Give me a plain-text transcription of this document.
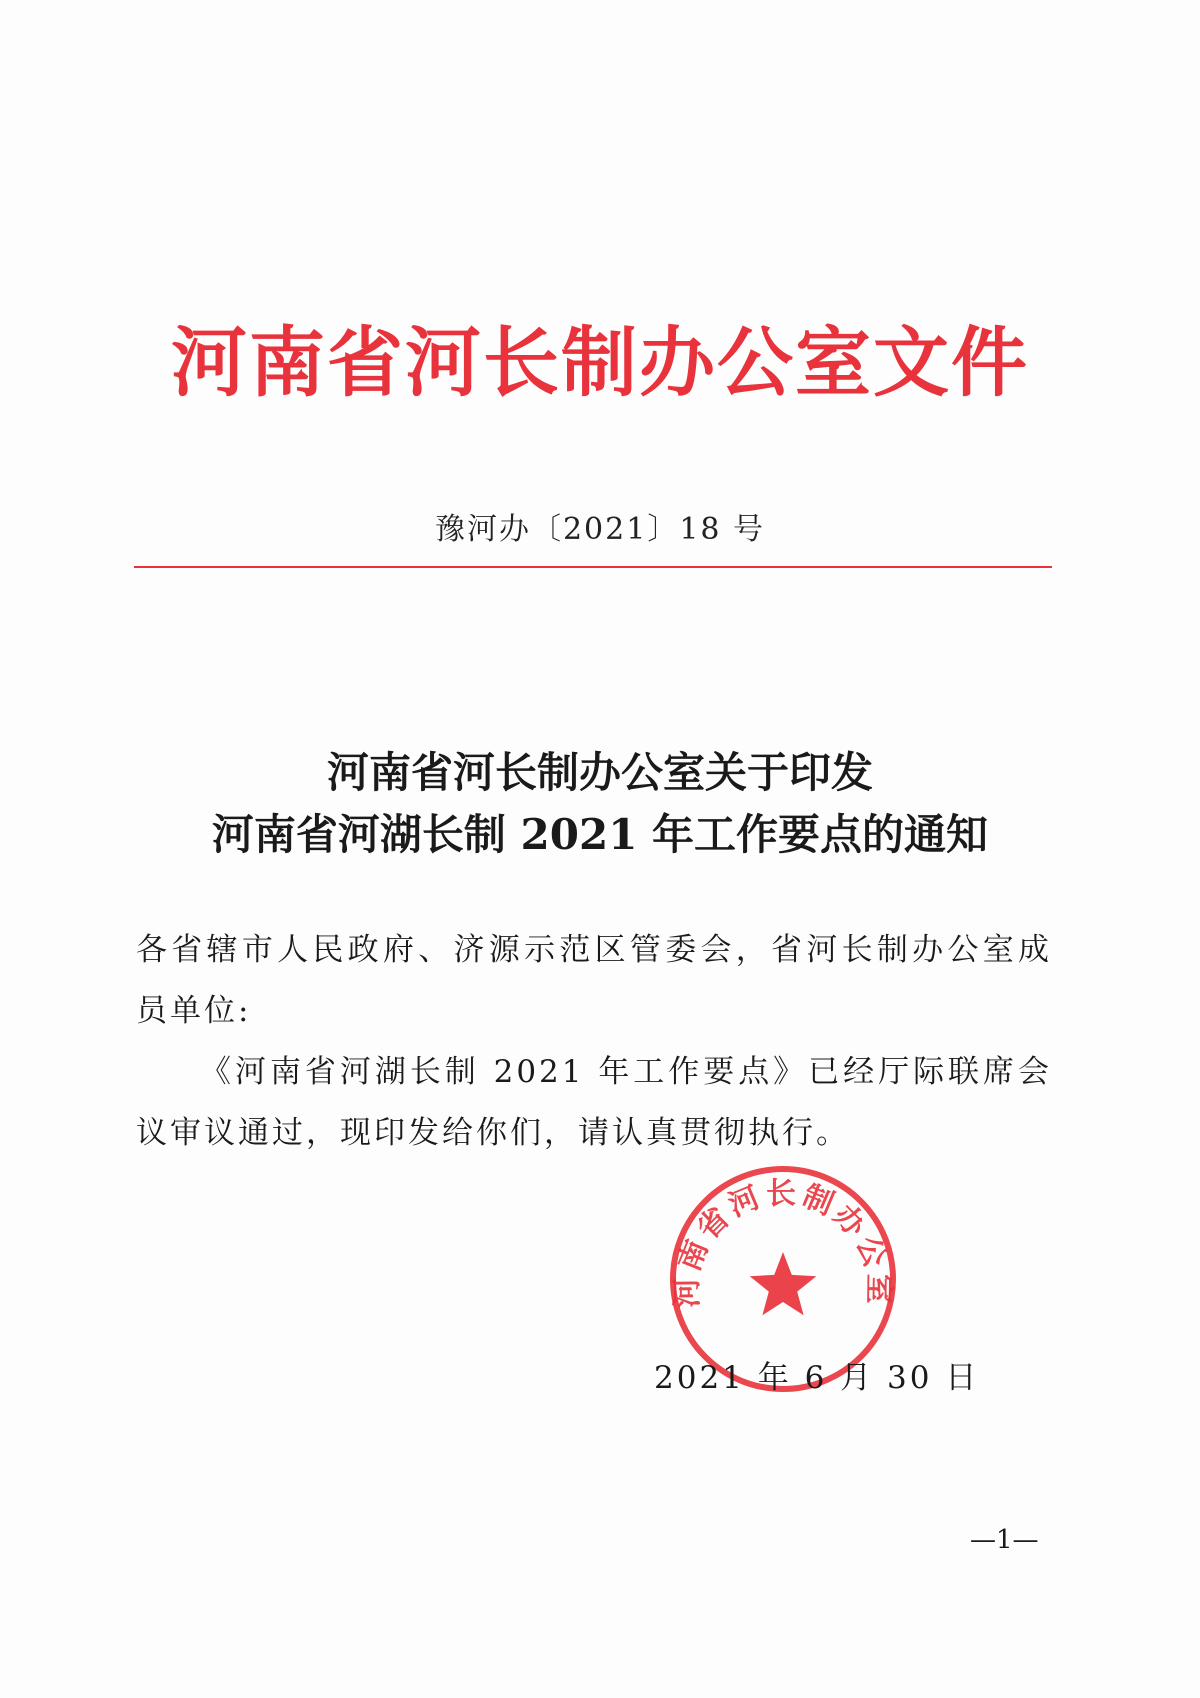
河南省河长制办公室文件
豫河办〔2021〕18 号
河南省河长制办公室关于印发
河南省河湖长制 2021 年工作要点的通知

各省辖市人民政府、济源示范区管委会，省河长制办公室成员单位:

《河南省河湖长制 2021 年工作要点》已经厅际联席会议审议通过，现印发给你们，请认真贯彻执行。

河南省河长制办公室
2021 年 6 月 30 日
—1—
